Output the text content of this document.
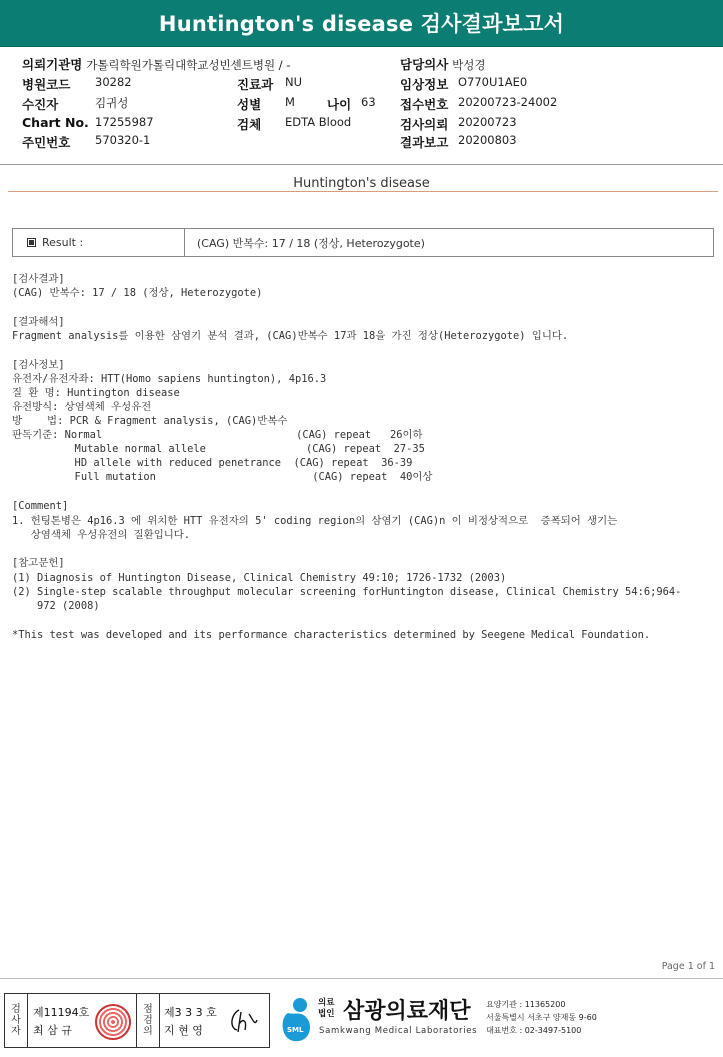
Huntington's disease 검사결과보고서
의뢰기관명 가톨릭학원가톨릭대학교성빈센트병원 / -	담당의사 박성경
병원코드 30282	진료과 NU	임상정보 O770U1AE0
수진자	김귀성	성별 M	나이 63 접수번호 20200723-24002
Chart No. 17255987	검체 EDTA Blood	검사의뢰 20200723
주민번호 570320-1	결과보고 20200803
Huntington's disease
Result :	(CAG) 반복수: 17 / 18 (정상, Heterozygote)
[검사결과]
(CAG) 반복수: 17 / 18 (정상, Heterozygote)
[결과해석]
Fragment analysis를 이용한 삼염기 분석 결과, (CAG)반복수 17과 18을 가진 정상(Heterozygote) 입니다.
[검사정보]
유전자/유전자좌: HTT(Homo sapiens huntington), 4p16.3
질 환 명: Huntington disease
유전방식: 상염색체 우성유전
방    법: PCR & Fragment analysis, (CAG)반복수
판독기준: Normal                               (CAG) repeat   26이하
Mutable normal allele                (CAG) repeat  27-35
HD allele with reduced penetrance  (CAG) repeat  36-39
Full mutation                         (CAG) repeat  40이상
[Comment]
1. 헌팅톤병은 4p16.3 에 위치한 HTT 유전자의 5' coding region의 삼염기 (CAG)n 이 비정상적으로  증폭되어 생기는
상염색체 우성유전의 질환입니다.
[참고문헌]
(1) Diagnosis of Huntington Disease, Clinical Chemistry 49:10; 1726-1732 (2003)
(2) Single-step scalable throughput molecular screening forHuntington disease, Clinical Chemistry 54:6;964-
972 (2008)
*This test was developed and its performance characteristics determined by Seegene Medical Foundation.
Page 1 of 1
검
사
자
제11194호
최 삼 규
점
검
의
제3 3 3 호
지 현 영	SML
의료법인 삼광의료재단
Samkwang Medical Laboratories
요양기관 : 11365200
서울특별시 서초구 양재동 9-60
대표번호 : 02-3497-5100
